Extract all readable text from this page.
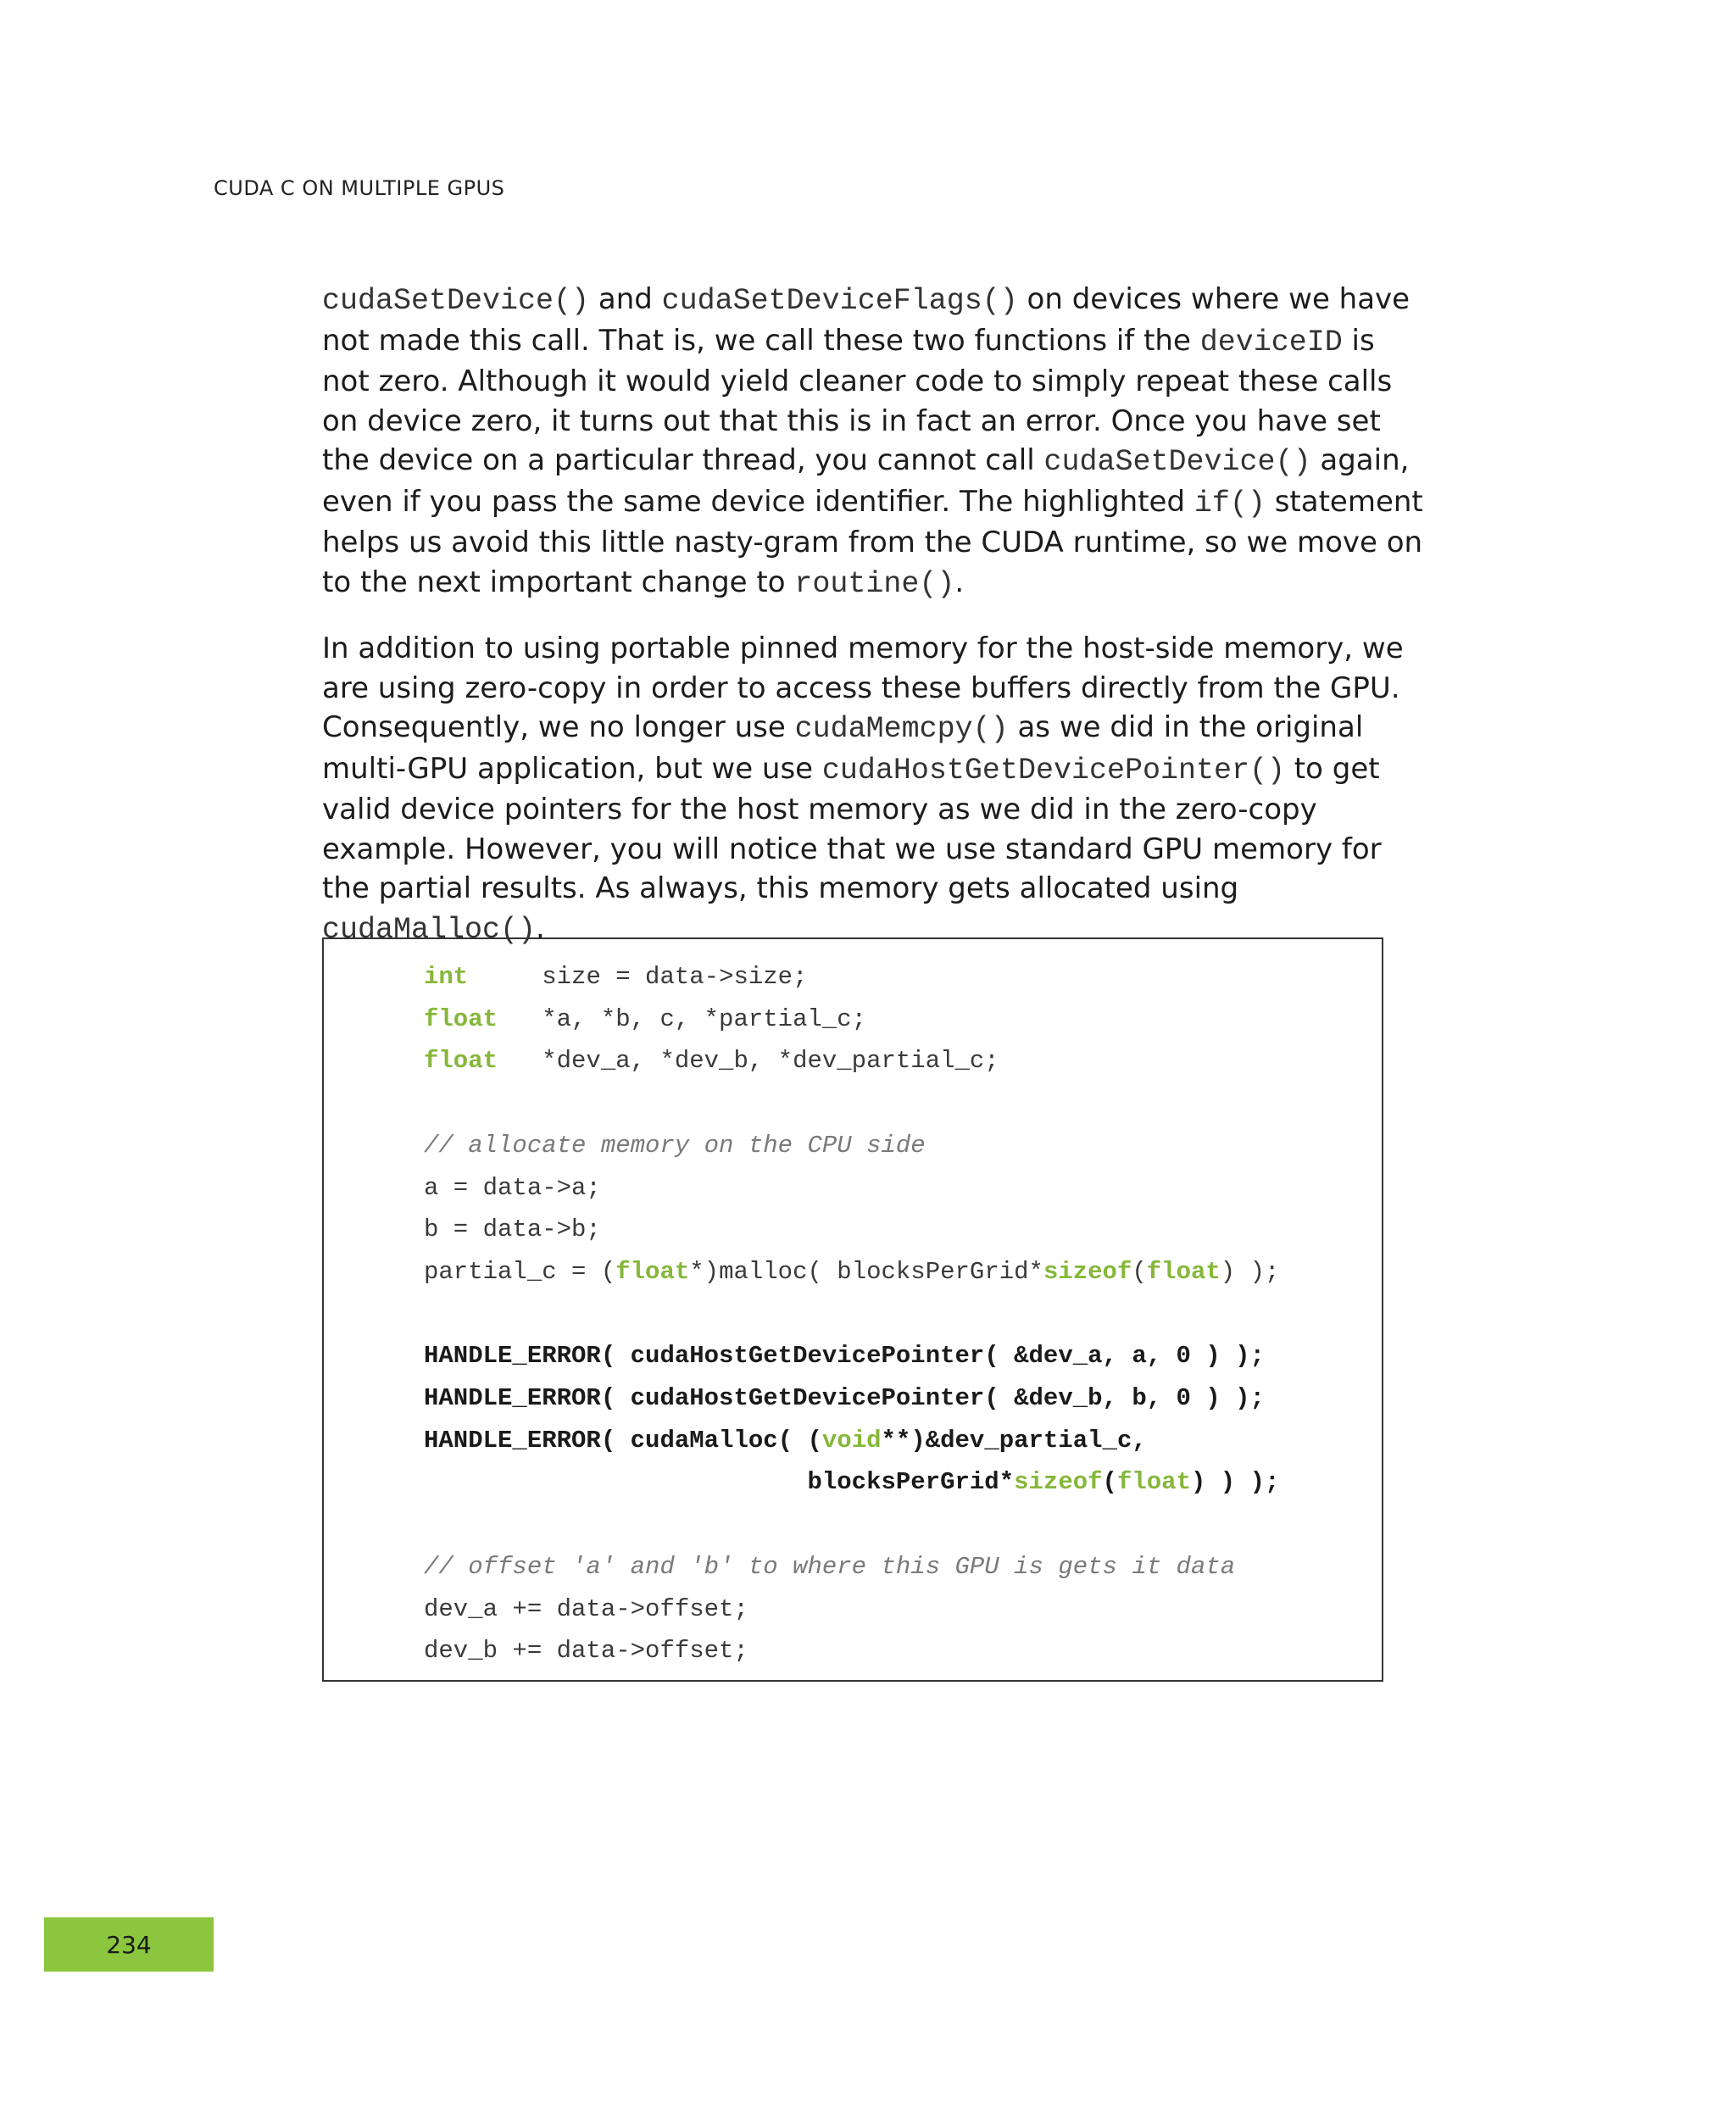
CUDA C ON MULTIPLE GPUS

cudaSetDevice() and cudaSetDeviceFlags() on devices where we have not made this call. That is, we call these two functions if the deviceID is not zero. Although it would yield cleaner code to simply repeat these calls on device zero, it turns out that this is in fact an error. Once you have set the device on a particular thread, you cannot call cudaSetDevice() again, even if you pass the same device identifier. The highlighted if() statement helps us avoid this little nasty-gram from the CUDA runtime, so we move on to the next important change to routine().

In addition to using portable pinned memory for the host-side memory, we are using zero-copy in order to access these buffers directly from the GPU. Consequently, we no longer use cudaMemcpy() as we did in the original multi-GPU application, but we use cudaHostGetDevicePointer() to get valid device pointers for the host memory as we did in the zero-copy example. However, you will notice that we use standard GPU memory for the partial results. As always, this memory gets allocated using cudaMalloc().

int     size = data->size;
float   *a, *b, c, *partial_c;
float   *dev_a, *dev_b, *dev_partial_c;

// allocate memory on the CPU side
a = data->a;
b = data->b;
partial_c = (float*)malloc( blocksPerGrid*sizeof(float) );

HANDLE_ERROR( cudaHostGetDevicePointer( &dev_a, a, 0 ) );
HANDLE_ERROR( cudaHostGetDevicePointer( &dev_b, b, 0 ) );
HANDLE_ERROR( cudaMalloc( (void**)&dev_partial_c,
blocksPerGrid*sizeof(float) ) );

// offset 'a' and 'b' to where this GPU is gets it data
dev_a += data->offset;
dev_b += data->offset;
234
